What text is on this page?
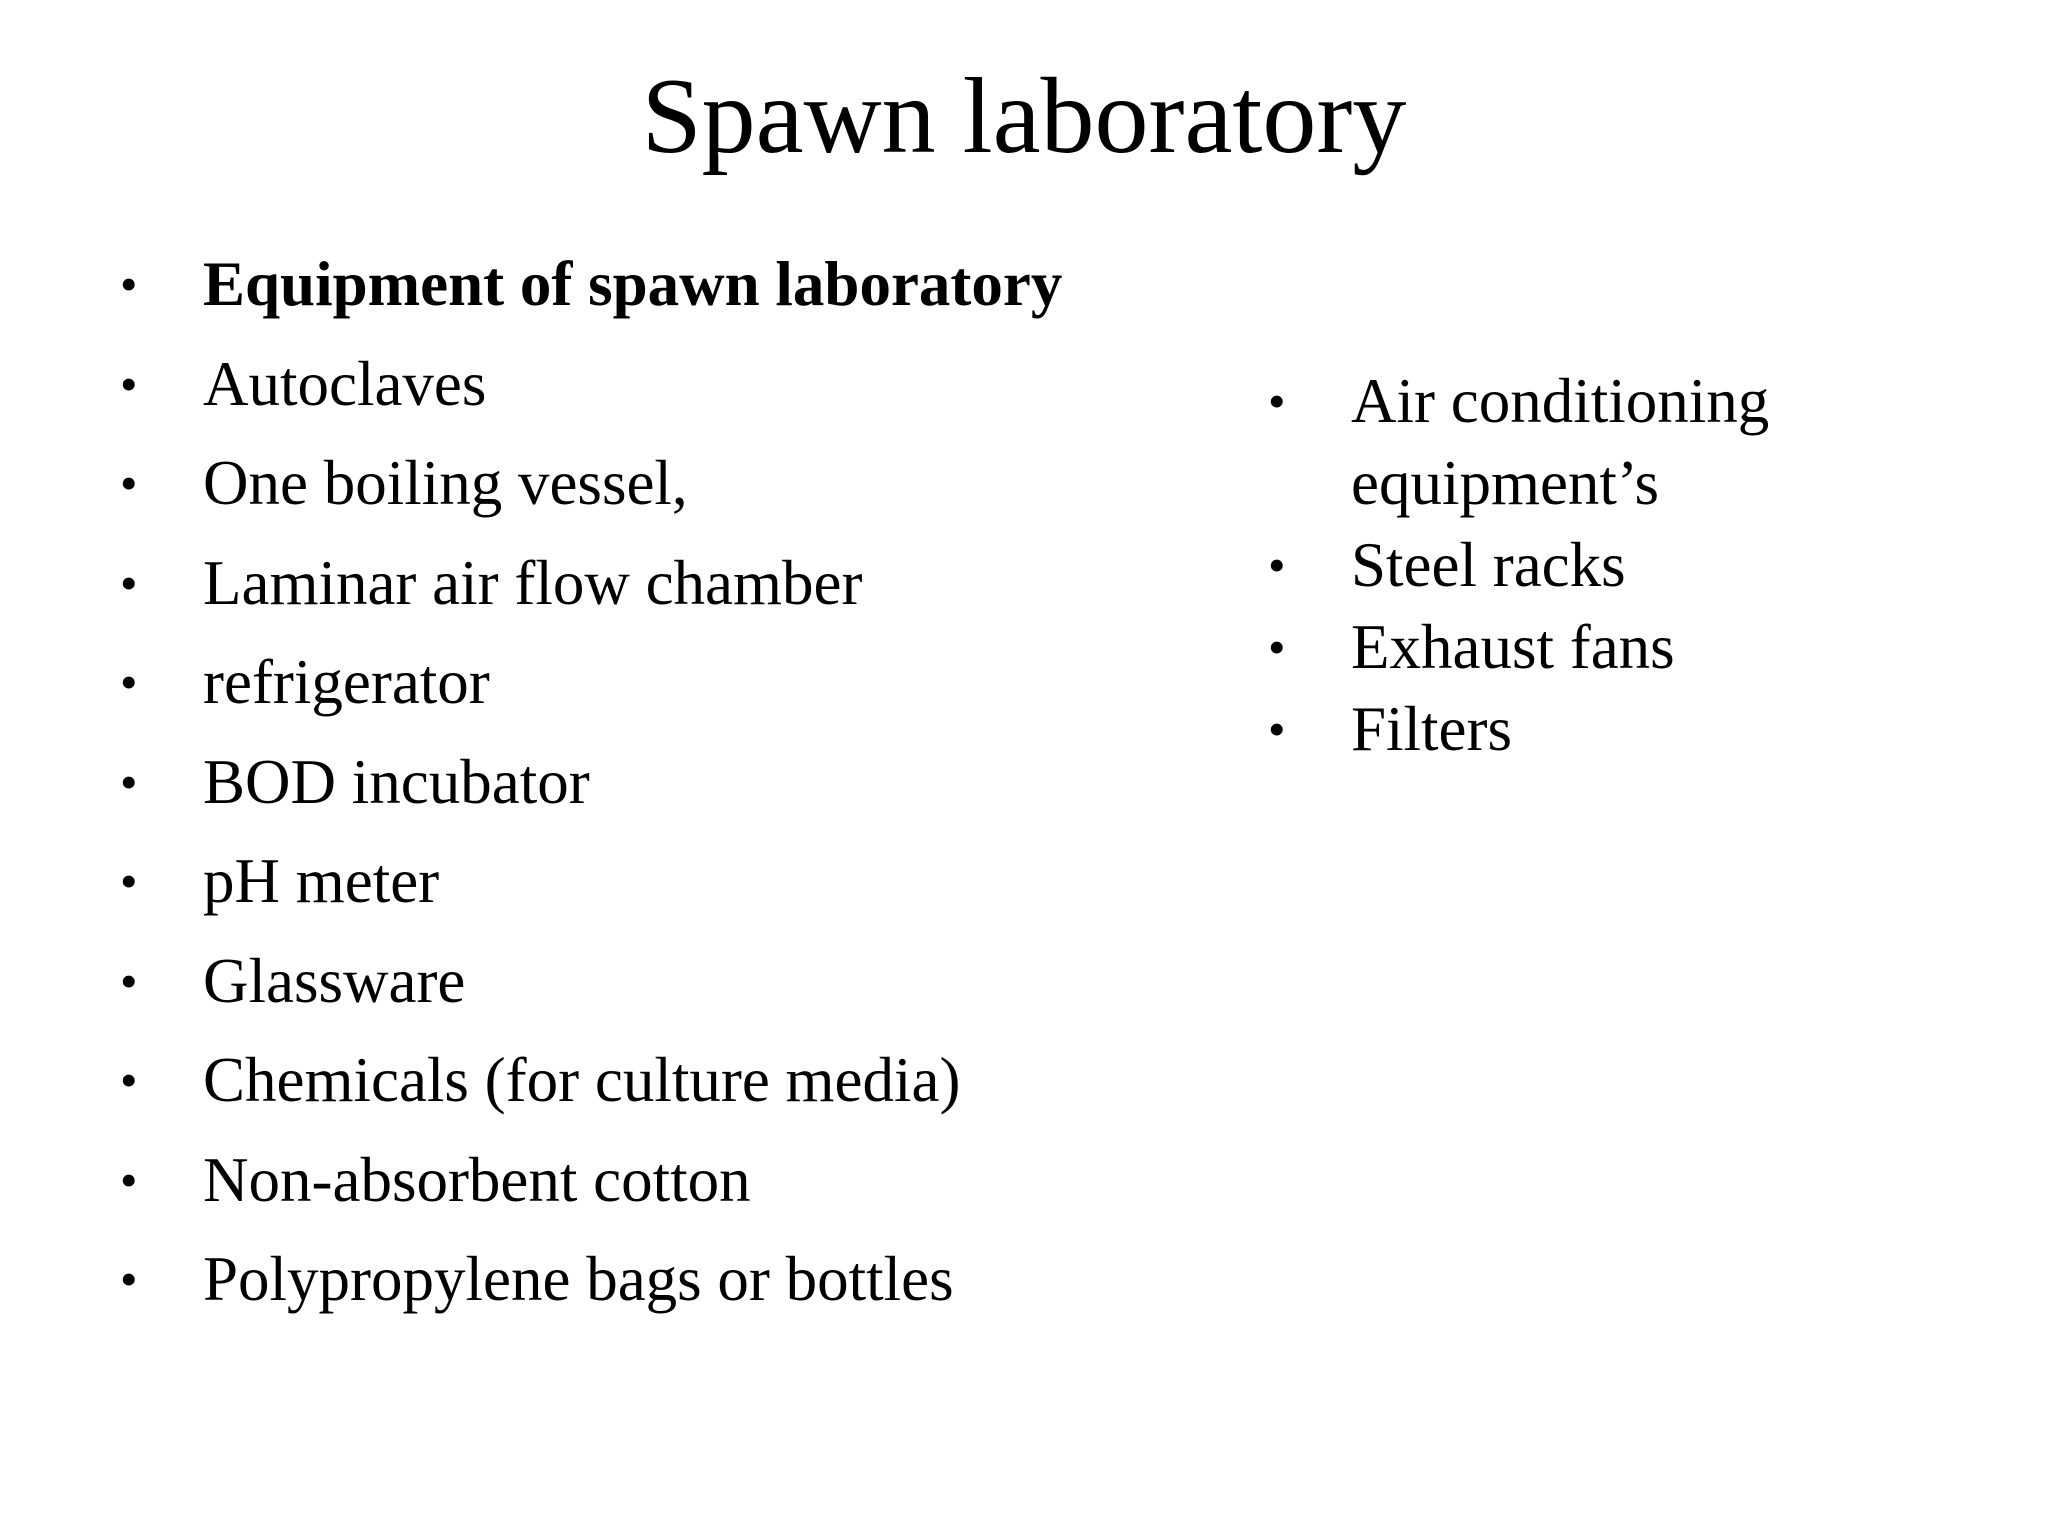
Spawn laboratory
•	Equipment of spawn laboratory
•	Autoclaves
•	One boiling vessel,
•	Laminar air flow chamber
•	refrigerator
•	BOD incubator
•	pH meter
•	Glassware
•	Chemicals (for culture media)
•	Non-absorbent cotton
•	Polypropylene bags or bottles
•	Air conditioning equipment’s
•	Steel racks
•	Exhaust fans
•	Filters
